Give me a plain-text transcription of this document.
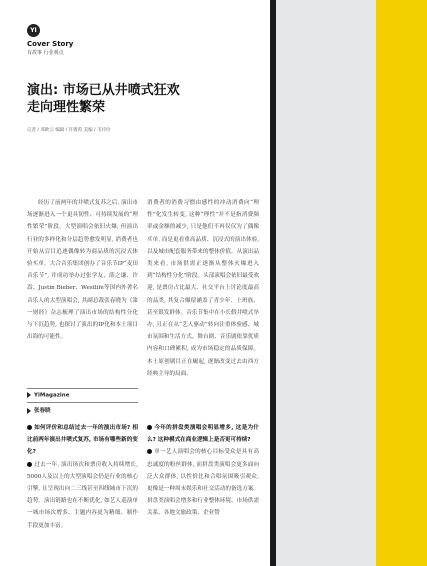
YI
Cover Story
有故事 行业观点
演出: 市场已从井喷式狂欢
走向理性繁荣
记者 / 邓欧云 编辑 / 许倩苒 美编 / 韦玲玲
经历了前两年的井喷式复苏之后, 演出市场逐渐进入一个更具韧性、可持续发展的“理性繁荣”阶段。大型演唱会依旧火爆, 但演出行业的多样化和分层趋势愈发明显, 消费者也开始从盲目追逐偶像转为商品质的沉浸式体验买单。大合音乐集团创办了音乐节IP“麦田音乐节”, 并成功举办过张学友、薛之谦、许嵩、Justin Bieber、Westlife等国内外著名音乐人的大型演唱会, 其副总裁张春晓为《第一财经》杂志梳理了演出市场的结构性分化与下沉趋势, 也探讨了演出的IP化和本土项目出海的可能性。
消费者的消费习惯由感性的冲动消费向“理性”化发生转变, 这种“理性”并不是指消费频率或金额的减少, 只是他们不再仅仅为了偶像买单, 而是更看重高品质、沉浸式的演出体验, 以及城市配套服务带来的整体价值。从演出品类来看, 市场供需正逐渐从整体火爆进入到“结构性分化”阶段。头部演唱会依旧最受欢迎, 是票房占比最大、社交平台上讨论度最高的品类, 其复合爆留涵盖了青少年、上班族、甚至银发群体。音乐节集中在小长假井喷式举办, 且正在从“艺人驱动”转向注重体验感、城市氛围和生活方式。舞台剧、音乐剧依靠优质内容和口碑累积, 成为市场稳定的品质保障。本土原创剧目正在崛起, 逐渐改变过去由西方经典主导的局面。
YiMagazine
张春晓
如何评价和总结过去一年的演出市场? 相比前两年演出井喷式复苏, 市场有哪些新的变化?
过去一年, 演出场次和票房收入持续增长, 5000人及以上的大型演唱会仍是行业的核心引擎, 且呈现出向二三线甚至四线城市下沉的趋势。演出链路也在不断优化, 如艺人巡演单一城市场次增多、主题内容更为精细、制作手段更加丰富。
今年的拼盘类演唱会明显增多, 这是为什么? 这种模式在商业逻辑上是否更可持续?
单一艺人演唱会的核心目标受众是具有高忠诚度的粉丝群体, 而拼盘类演唱会更多面向泛大众群体, 以性价比和合唱氛围吸引观众, 更像是一种周末娱乐和社交活动的备选方案。拼盘类演唱会增多和行业整体环境、市场供需关系、各地文旅政策、企业赞
